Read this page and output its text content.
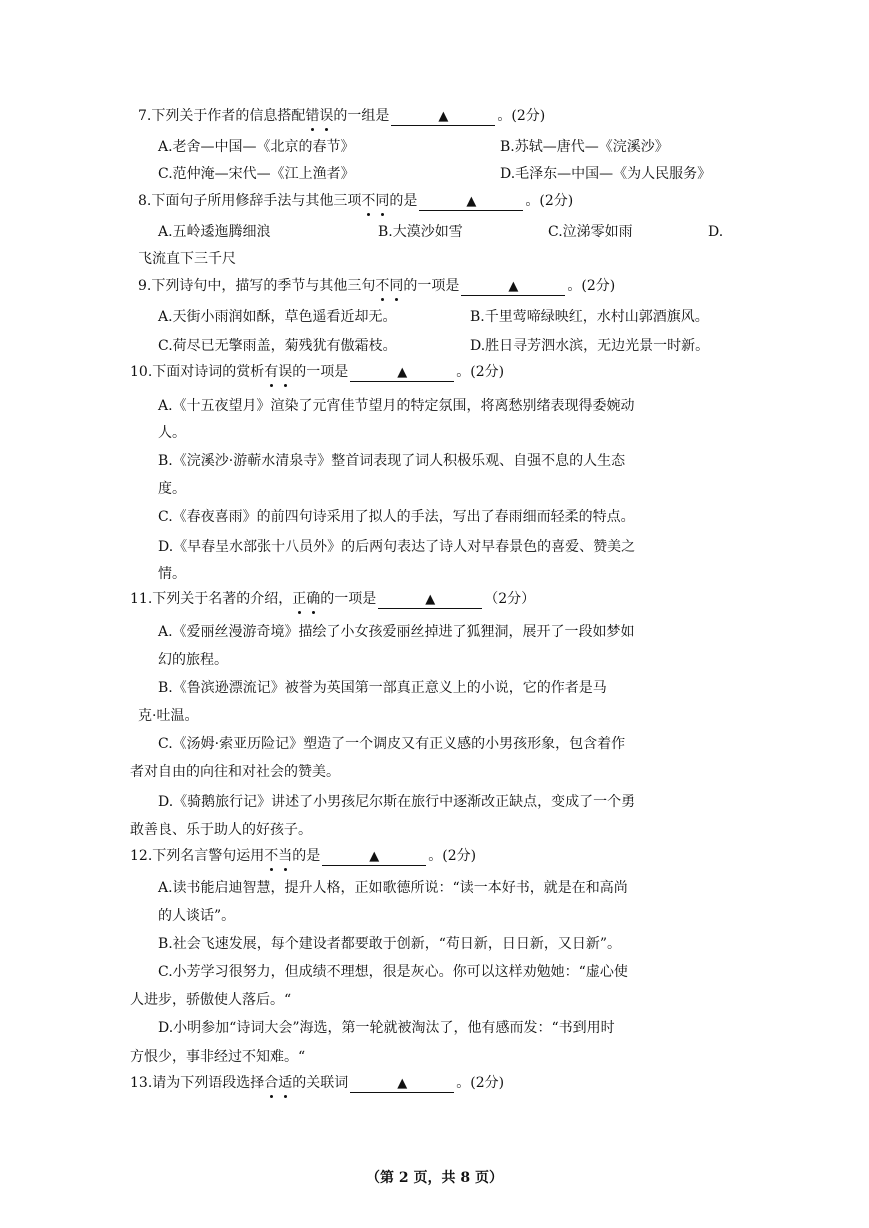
7.下列关于作者的信息搭配错误的一组是	▲	。(2分)
A.老舍—中国—《北京的春节》	B.苏轼—唐代—《浣溪沙》
C.范仲淹—宋代—《江上渔者》	D.毛泽东—中国—《为人民服务》
8.下面句子所用修辞手法与其他三项不同的是	▲	。(2分)
A.五岭逶迤腾细浪	B.大漠沙如雪	C.泣涕零如雨	D.
飞流直下三千尺
9.下列诗句中，描写的季节与其他三句不同的一项是	▲	。(2分)
A.天街小雨润如酥，草色遥看近却无。	B.千里莺啼绿映红，水村山郭酒旗风。
C.荷尽已无擎雨盖，菊残犹有傲霜枝。	D.胜日寻芳泗水滨，无边光景一时新。
10.下面对诗词的赏析有误的一项是	▲	。(2分)
A.《十五夜望月》渲染了元宵佳节望月的特定氛围，将离愁别绪表现得委婉动
人。
B.《浣溪沙·游蕲水清泉寺》整首词表现了词人积极乐观、自强不息的人生态
度。
C.《春夜喜雨》的前四句诗采用了拟人的手法，写出了春雨细而轻柔的特点。
D.《早春呈水部张十八员外》的后两句表达了诗人对早春景色的喜爱、赞美之
情。
11.下列关于名著的介绍，正确的一项是	▲	（2分）
A.《爱丽丝漫游奇境》描绘了小女孩爱丽丝掉进了狐狸洞，展开了一段如梦如
幻的旅程。
B.《鲁滨逊漂流记》被誉为英国第一部真正意义上的小说，它的作者是马
克·吐温。
C.《汤姆·索亚历险记》塑造了一个调皮又有正义感的小男孩形象，包含着作
者对自由的向往和对社会的赞美。
D.《骑鹅旅行记》讲述了小男孩尼尔斯在旅行中逐渐改正缺点，变成了一个勇
敢善良、乐于助人的好孩子。
12.下列名言警句运用不当的是	▲	。(2分)
A.读书能启迪智慧，提升人格，正如歌德所说：“读一本好书，就是在和高尚
的人谈话”。
B.社会飞速发展，每个建设者都要敢于创新，“苟日新，日日新，又日新”。
C.小芳学习很努力，但成绩不理想，很是灰心。你可以这样劝勉她：“虚心使
人进步，骄傲使人落后。“
D.小明参加“诗词大会”海选，第一轮就被淘汰了，他有感而发：“书到用时
方恨少，事非经过不知难。“
13.请为下列语段选择合适的关联词	▲	。(2分)
（第 2 页，共 8 页）
